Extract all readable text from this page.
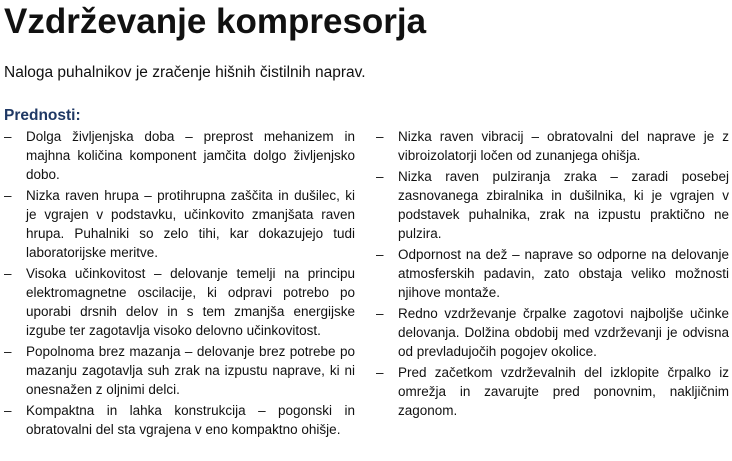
Vzdrževanje kompresorja

Naloga puhalnikov je zračenje hišnih čistilnih naprav.

Prednosti:
– Dolga življenjska doba – preprost mehanizem in majhna količina komponent jamčita dolgo življenjsko dobo.
– Nizka raven hrupa – protihrupna zaščita in dušilec, ki je vgrajen v podstavku, učinkovito zmanjšata raven hrupa. Puhalniki so zelo tihi, kar dokazujejo tudi laboratorijske meritve.
– Visoka učinkovitost – delovanje temelji na principu elektromagnetne oscilacije, ki odpravi potrebo po uporabi drsnih delov in s tem zmanjša energijske izgube ter zagotavlja visoko delovno učinkovitost.
– Popolnoma brez mazanja – delovanje brez potrebe po mazanju zagotavlja suh zrak na izpustu naprave, ki ni onesnažen z oljnimi delci.
– Kompaktna in lahka konstrukcija – pogonski in obratovalni del sta vgrajena v eno kompaktno ohišje.
– Nizka raven vibracij – obratovalni del naprave je z vibroizolatorji ločen od zunanjega ohišja.
– Nizka raven pulziranja zraka – zaradi posebej zasnovanega zbiralnika in dušilnika, ki je vgrajen v podstavek puhalnika, zrak na izpustu praktično ne pulzira.
– Odpornost na dež – naprave so odporne na delovanje atmosferskih padavin, zato obstaja veliko možnosti njihove montaže.
– Redno vzdrževanje črpalke zagotovi najboljše učinke delovanja. Dolžina obdobij med vzdrževanji je odvisna od prevladujočih pogojev okolice.
– Pred začetkom vzdrževalnih del izklopite črpalko iz omrežja in zavarujte pred ponovnim, nakljičnim zagonom.
